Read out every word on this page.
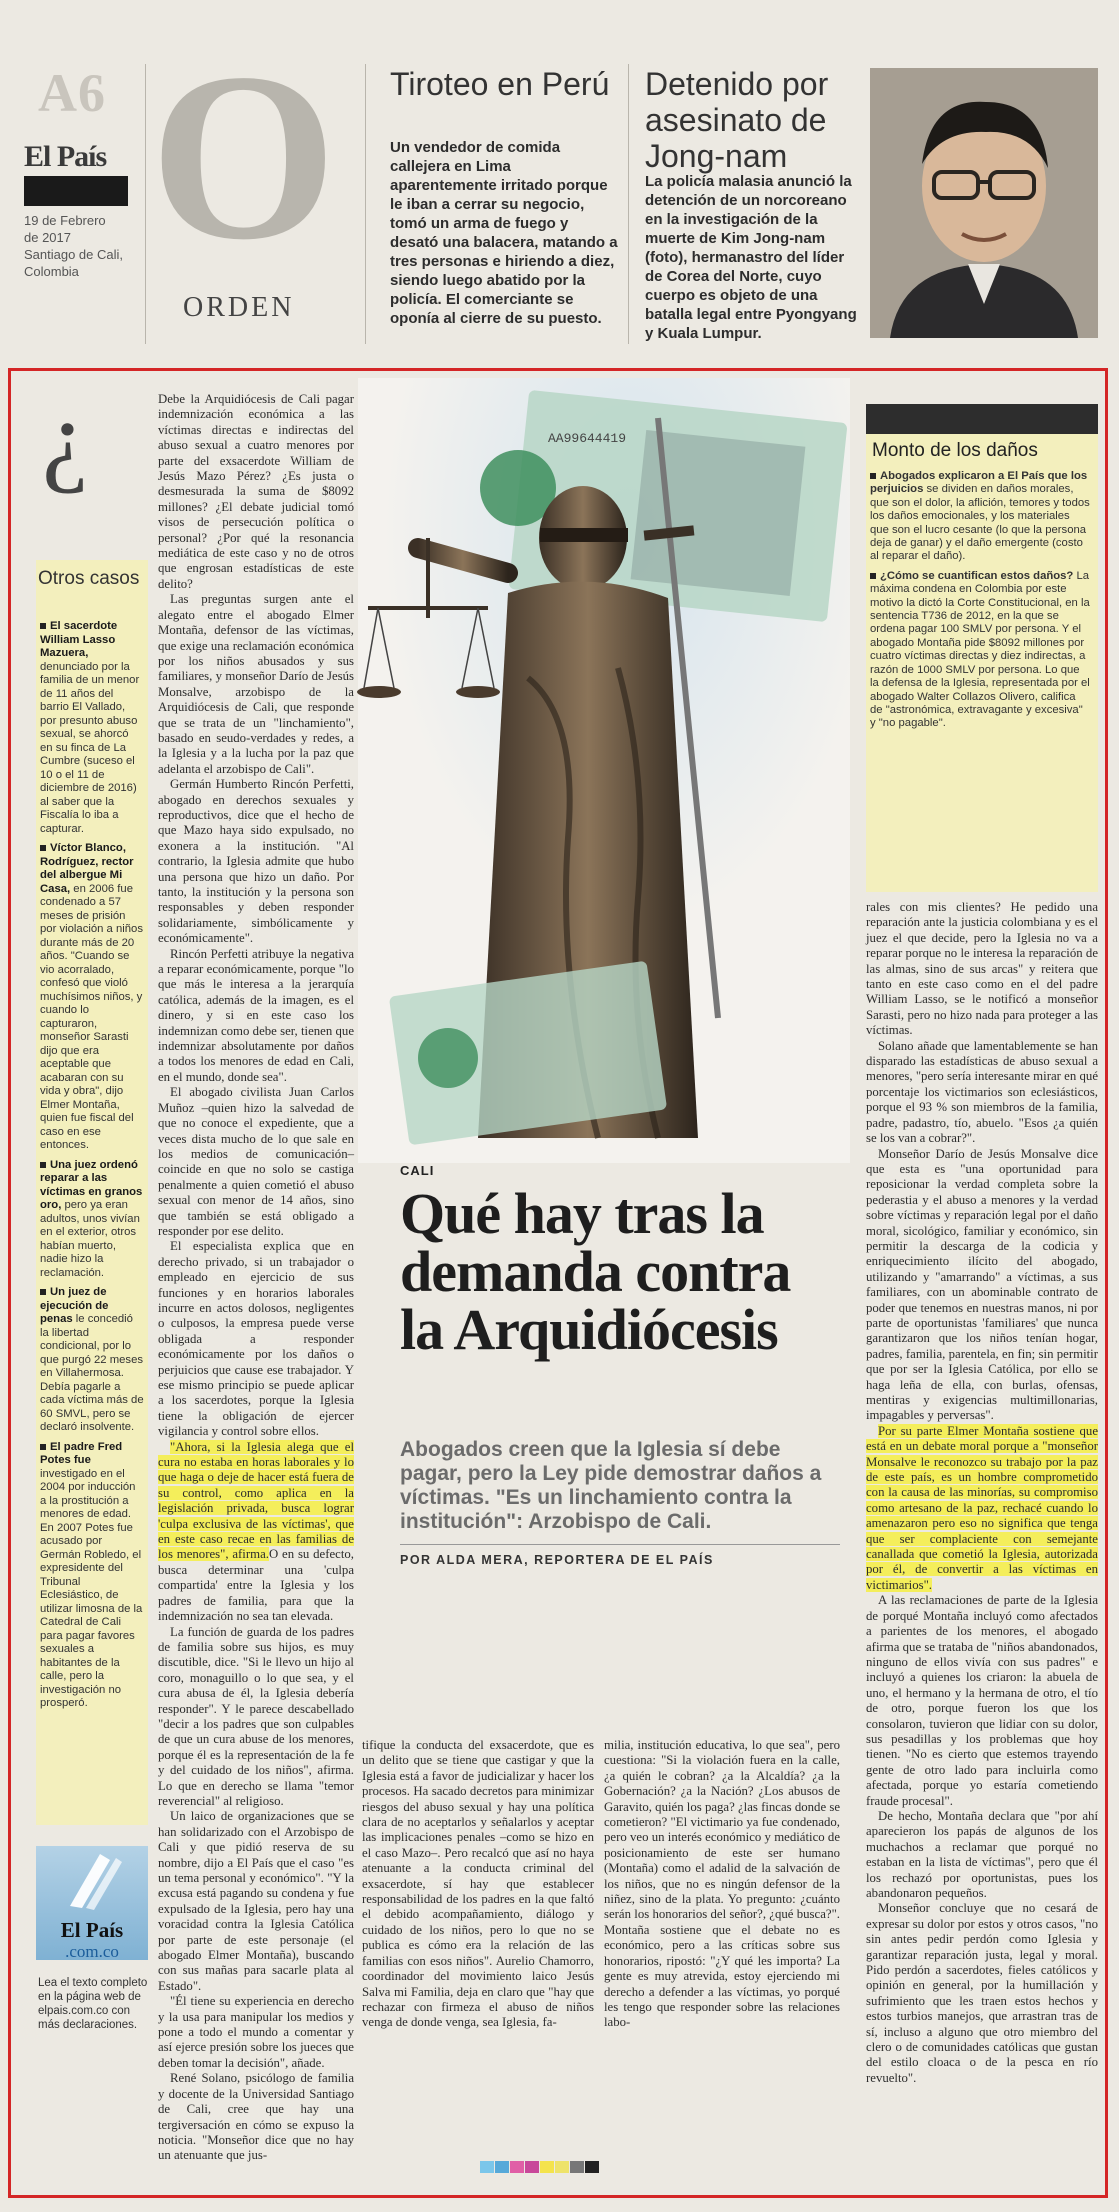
A6
El País
19 de Febrero
de 2017
Santiago de Cali,
Colombia O
ORDEN
Tiroteo en Perú
Un vendedor de comida callejera en Lima aparentemente irritado porque le iban a cerrar su negocio, tomó un arma de fuego y desató una balacera, matando a tres personas e hiriendo a diez, siendo luego abatido por la policía. El comerciante se oponía al cierre de su puesto.
Detenido por asesinato de Jong-nam
La policía malasia anunció la detención de un norcoreano en la investigación de la muerte de Kim Jong-nam (foto), hermanastro del líder de Corea del Norte, cuyo cuerpo es objeto de una batalla legal entre Pyongyang y Kuala Lumpur.
¿
Otros casos

El sacerdote William Lasso Mazuera, denunciado por la familia de un menor de 11 años del barrio El Vallado, por presunto abuso sexual, se ahorcó en su finca de La Cumbre (suceso el 10 o el 11 de diciembre de 2016) al saber que la Fiscalía lo iba a capturar.

Víctor Blanco, Rodríguez, rector del albergue Mi Casa, en 2006 fue condenado a 57 meses de prisión por violación a niños durante más de 20 años. "Cuando se vio acorralado, confesó que violó muchísimos niños, y cuando lo capturaron, monseñor Sarasti dijo que era aceptable que acabaran con su vida y obra", dijo Elmer Montaña, quien fue fiscal del caso en ese entonces.

Una juez ordenó reparar a las víctimas en granos oro, pero ya eran adultos, unos vivían en el exterior, otros habían muerto, nadie hizo la reclamación.

Un juez de ejecución de penas le concedió la libertad condicional, por lo que purgó 22 meses en Villahermosa. Debía pagarle a cada víctima más de 60 SMVL, pero se declaró insolvente.

El padre Fred Potes fue investigado en el 2004 por inducción a la prostitución a menores de edad. En 2007 Potes fue acusado por Germán Robledo, el expresidente del Tribunal Eclesiástico, de utilizar limosna de la Catedral de Cali para pagar favores sexuales a habitantes de la calle, pero la investigación no prosperó.

El País
.com.co
Lea el texto completo en la página web de elpais.com.co con más declaraciones.

Debe la Arquidiócesis de Cali pagar indemnización económica a las víctimas directas e indirectas del abuso sexual a cuatro menores por parte del exsacerdote William de Jesús Mazo Pérez? ¿Es justa o desmesurada la suma de $8092 millones? ¿El debate judicial tomó visos de persecución política o personal? ¿Por qué la resonancia mediática de este caso y no de otros que engrosan estadísticas de este delito?

Las preguntas surgen ante el alegato entre el abogado Elmer Montaña, defensor de las víctimas, que exige una reclamación económica por los niños abusados y sus familiares, y monseñor Darío de Jesús Monsalve, arzobispo de la Arquidiócesis de Cali, que responde que se trata de un "linchamiento", basado en seudo-verdades y redes, a la Iglesia y a la lucha por la paz que adelanta el arzobispo de Cali".

Germán Humberto Rincón Perfetti, abogado en derechos sexuales y reproductivos, dice que el hecho de que Mazo haya sido expulsado, no exonera a la institución. "Al contrario, la Iglesia admite que hubo una persona que hizo un daño. Por tanto, la institución y la persona son responsables y deben responder solidariamente, simbólicamente y económicamente".

Rincón Perfetti atribuye la negativa a reparar económicamente, porque "lo que más le interesa a la jerarquía católica, además de la imagen, es el dinero, y si en este caso los indemnizan como debe ser, tienen que indemnizar absolutamente por daños a todos los menores de edad en Cali, en el mundo, donde sea".

El abogado civilista Juan Carlos Muñoz –quien hizo la salvedad de que no conoce el expediente, que a veces dista mucho de lo que sale en los medios de comunicación– coincide en que no solo se castiga penalmente a quien cometió el abuso sexual con menor de 14 años, sino que también se está obligado a responder por ese delito.

El especialista explica que en derecho privado, si un trabajador o empleado en ejercicio de sus funciones y en horarios laborales incurre en actos dolosos, negligentes o culposos, la empresa puede verse obligada a responder económicamente por los daños o perjuicios que cause ese trabajador. Y ese mismo principio se puede aplicar a los sacerdotes, porque la Iglesia tiene la obligación de ejercer vigilancia y control sobre ellos.

"Ahora, si la Iglesia alega que el cura no estaba en horas laborales y lo que haga o deje de hacer está fuera de su control, como aplica en la legislación privada, busca lograr 'culpa exclusiva de las víctimas', que en este caso recae en las familias de los menores", afirma.O en su defecto, busca determinar una 'culpa compartida' entre la Iglesia y los padres de familia, para que la indemnización no sea tan elevada.

La función de guarda de los padres de familia sobre sus hijos, es muy discutible, dice. "Si le llevo un hijo al coro, monaguillo o lo que sea, y el cura abusa de él, la Iglesia debería responder". Y le parece descabellado "decir a los padres que son culpables de que un cura abuse de los menores, porque él es la representación de la fe y del cuidado de los niños", afirma. Lo que en derecho se llama "temor reverencial" al religioso.

Un laico de organizaciones que se han solidarizado con el Arzobispo de Cali y que pidió reserva de su nombre, dijo a El País que el caso "es un tema personal y económico". "Y la excusa está pagando su condena y fue expulsado de la Iglesia, pero hay una voracidad contra la Iglesia Católica por parte de este personaje (el abogado Elmer Montaña), buscando con sus mañas para sacarle plata al Estado".

"Él tiene su experiencia en derecho y la usa para manipular los medios y pone a todo el mundo a comentar y así ejerce presión sobre los jueces que deben tomar la decisión", añade.

René Solano, psicólogo de familia y docente de la Universidad Santiago de Cali, cree que hay una tergiversación en cómo se expuso la noticia. "Monseñor dice que no hay un atenuante que jus-

AA99644419
CALI
Qué hay tras la demanda contra la Arquidiócesis
Abogados creen que la Iglesia sí debe pagar, pero la Ley pide demostrar daños a víctimas. "Es un linchamiento contra la institución": Arzobispo de Cali.
POR ALDA MERA, REPORTERA DE EL PAÍS

tifique la conducta del exsacerdote, que es un delito que se tiene que castigar y que la Iglesia está a favor de judicializar y hacer los procesos. Ha sacado decretos para minimizar riesgos del abuso sexual y hay una política clara de no aceptarlos y señalarlos y aceptar las implicaciones penales –como se hizo en el caso Mazo–. Pero recalcó que así no haya atenuante a la conducta criminal del exsacerdote, sí hay que establecer responsabilidad de los padres en la que faltó el debido acompañamiento, diálogo y cuidado de los niños, pero lo que no se publica es cómo era la relación de las familias con esos niños". Aurelio Chamorro, coordinador del movimiento laico Jesús Salva mi Familia, deja en claro que "hay que rechazar con firmeza el abuso de niños venga de donde venga, sea Iglesia, fa-

milia, institución educativa, lo que sea", pero cuestiona: "Si la violación fuera en la calle, ¿a quién le cobran? ¿a la Alcaldía? ¿a la Gobernación? ¿a la Nación? ¿Los abusos de Garavito, quién los paga? ¿las fincas donde se cometieron? "El victimario ya fue condenado, pero veo un interés económico y mediático de posicionamiento de este ser humano (Montaña) como el adalid de la salvación de los niños, que no es ningún defensor de la niñez, sino de la plata. Yo pregunto: ¿cuánto serán los honorarios del señor?, ¿qué busca?". Montaña sostiene que el debate no es económico, pero a las críticas sobre sus honorarios, ripostó: "¿Y qué les importa? La gente es muy atrevida, estoy ejerciendo mi derecho a defender a las víctimas, yo porqué les tengo que responder sobre las relaciones labo-

Monto de los daños

Abogados explicaron a El País que los perjuicios se dividen en daños morales, que son el dolor, la aflición, temores y todos los daños emocionales, y los materiales que son el lucro cesante (lo que la persona deja de ganar) y el daño emergente (costo al reparar el daño).

¿Cómo se cuantifican estos daños? La máxima condena en Colombia por este motivo la dictó la Corte Constitucional, en la sentencia T736 de 2012, en la que se ordena pagar 100 SMLV por persona. Y el abogado Montaña pide $8092 millones por cuatro víctimas directas y diez indirectas, a razón de 1000 SMLV por persona. Lo que la defensa de la Iglesia, representada por el abogado Walter Collazos Olivero, califica de "astronómica, extravagante y excesiva" y "no pagable".

rales con mis clientes? He pedido una reparación ante la justicia colombiana y es el juez el que decide, pero la Iglesia no va a reparar porque no le interesa la reparación de las almas, sino de sus arcas" y reitera que tanto en este caso como en el del padre William Lasso, se le notificó a monseñor Sarasti, pero no hizo nada para proteger a las víctimas.

Solano añade que lamentablemente se han disparado las estadísticas de abuso sexual a menores, "pero sería interesante mirar en qué porcentaje los victimarios son eclesiásticos, porque el 93 % son miembros de la familia, padre, padastro, tío, abuelo. "Esos ¿a quién se los van a cobrar?".

Monseñor Darío de Jesús Monsalve dice que esta es "una oportunidad para reposicionar la verdad completa sobre la pederastia y el abuso a menores y la verdad sobre víctimas y reparación legal por el daño moral, sicológico, familiar y económico, sin permitir la descarga de la codicia y enriquecimiento ilícito del abogado, utilizando y "amarrando" a víctimas, a sus familiares, con un abominable contrato de poder que tenemos en nuestras manos, ni por parte de oportunistas 'familiares' que nunca garantizaron que los niños tenían hogar, padres, familia, parentela, en fin; sin permitir que por ser la Iglesia Católica, por ello se haga leña de ella, con burlas, ofensas, mentiras y exigencias multimillonarias, impagables y perversas".

Por su parte Elmer Montaña sostiene que está en un debate moral porque a "monseñor Monsalve le reconozco su trabajo por la paz de este país, es un hombre comprometido con la causa de las minorías, su compromiso como artesano de la paz, rechacé cuando lo amenazaron pero eso no significa que tenga que ser complaciente con semejante canallada que cometió la Iglesia, autorizada por él, de convertir a las víctimas en victimarios".

A las reclamaciones de parte de la Iglesia de porqué Montaña incluyó como afectados a parientes de los menores, el abogado afirma que se trataba de "niños abandonados, ninguno de ellos vivía con sus padres" e incluyó a quienes los criaron: la abuela de uno, el hermano y la hermana de otro, el tío de otro, porque fueron los que los consolaron, tuvieron que lidiar con su dolor, sus pesadillas y los problemas que hoy tienen. "No es cierto que estemos trayendo gente de otro lado para incluirla como afectada, porque yo estaría cometiendo fraude procesal".

De hecho, Montaña declara que "por ahí aparecieron los papás de algunos de los muchachos a reclamar que porqué no estaban en la lista de víctimas", pero que él los rechazó por oportunistas, pues los abandonaron pequeños.

Monseñor concluye que no cesará de expresar su dolor por estos y otros casos, "no sin antes pedir perdón como Iglesia y garantizar reparación justa, legal y moral. Pido perdón a sacerdotes, fieles católicos y opinión en general, por la humillación y sufrimiento que les traen estos hechos y estos turbios manejos, que arrastran tras de sí, incluso a alguno que otro miembro del clero o de comunidades católicas que gustan del estilo cloaca o de la pesca en río revuelto".
